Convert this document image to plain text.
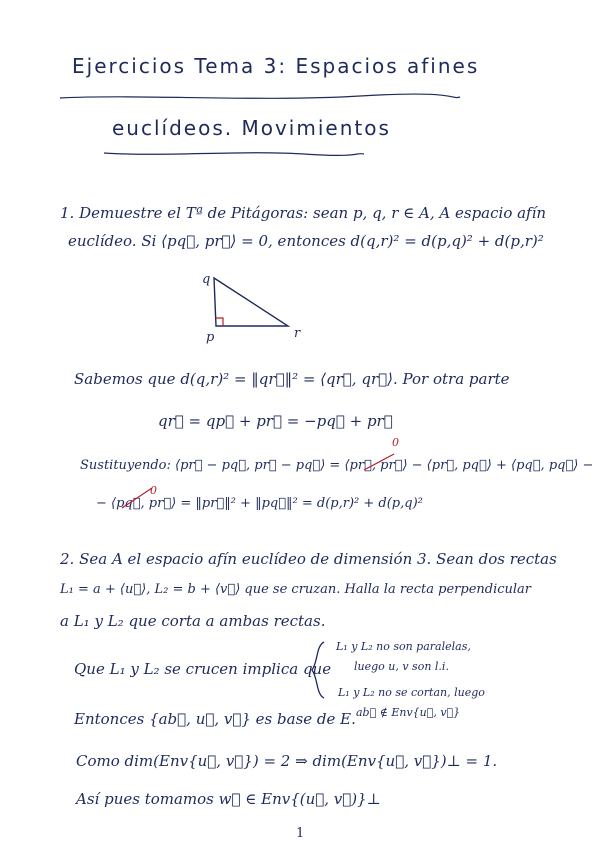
Ejercicios Tema 3: Espacios afines
euclídeos. Movimientos
1. Demuestre el Tª de Pitágoras: sean p, q, r ∈ A, A espacio afín
euclídeo. Si ⟨pq⃗, pr⃗⟩ = 0, entonces d(q,r)² = d(p,q)² + d(p,r)²
q
p	r
Sabemos que d(q,r)² = ‖qr⃗‖² = ⟨qr⃗, qr⃗⟩. Por otra parte
qr⃗ = qp⃗ + pr⃗ = −pq⃗ + pr⃗
Sustituyendo: ⟨pr⃗ − pq⃗, pr⃗ − pq⃗⟩ = ⟨pr⃗, pr⃗⟩ − ⟨pr⃗, pq⃗⟩ + ⟨pq⃗, pq⃗⟩ −
0
− ⟨pq⃗, pr⃗⟩ = ‖pr⃗‖² + ‖pq⃗‖² = d(p,r)² + d(p,q)²
0
2. Sea A el espacio afín euclídeo de dimensión 3. Sean dos rectas
L₁ = a + ⟨u⃗⟩, L₂ = b + ⟨v⃗⟩ que se cruzan. Halla la recta perpendicular
a L₁ y L₂ que corta a ambas rectas.
Que L₁ y L₂ se crucen implica que
L₁ y L₂ no son paralelas,
luego u, v son l.i.
L₁ y L₂ no se cortan, luego
ab⃗ ∉ Env{u⃗, v⃗}
Entonces {ab⃗, u⃗, v⃗} es base de E.
Como dim(Env{u⃗, v⃗}) = 2 ⇒ dim(Env{u⃗, v⃗})⊥ = 1.
Así pues tomamos w⃗ ∈ Env{(u⃗, v⃗)}⊥
1
